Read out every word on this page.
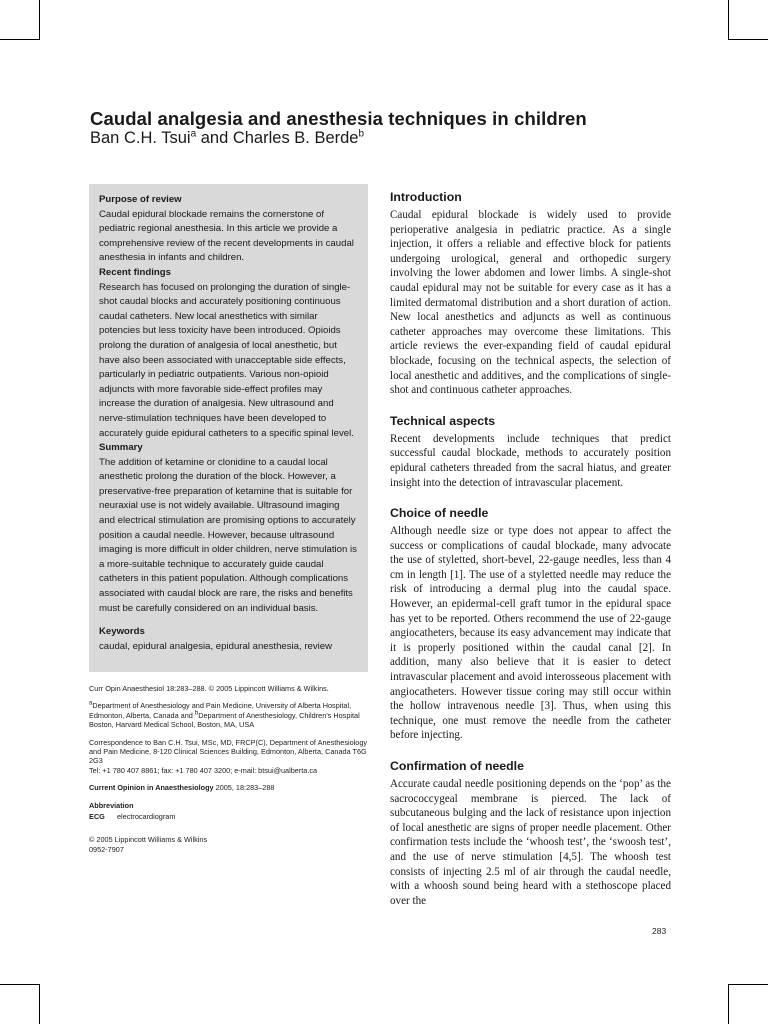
Caudal analgesia and anesthesia techniques in children
Ban C.H. Tsui$^a$ and Charles B. Berde$^b$

Purpose of review

Caudal epidural blockade remains the cornerstone of pediatric regional anesthesia. In this article we provide a comprehensive review of the recent developments in caudal anesthesia in infants and children.

Recent findings

Research has focused on prolonging the duration of single-shot caudal blocks and accurately positioning continuous caudal catheters. New local anesthetics with similar potencies but less toxicity have been introduced. Opioids prolong the duration of analgesia of local anesthetic, but have also been associated with unacceptable side effects, particularly in pediatric outpatients. Various non-opioid adjuncts with more favorable side-effect profiles may increase the duration of analgesia. New ultrasound and nerve-stimulation techniques have been developed to accurately guide epidural catheters to a specific spinal level.

Summary

The addition of ketamine or clonidine to a caudal local anesthetic prolong the duration of the block. However, a preservative-free preparation of ketamine that is suitable for neuraxial use is not widely available. Ultrasound imaging and electrical stimulation are promising options to accurately position a caudal needle. However, because ultrasound imaging is more difficult in older children, nerve stimulation is a more-suitable technique to accurately guide caudal catheters in this patient population. Although complications associated with caudal block are rare, the risks and benefits must be carefully considered on an individual basis.

Keywords

caudal, epidural analgesia, epidural anesthesia, review

Curr Opin Anaesthesiol 18:283–288. © 2005 Lippincott Williams & Wilkins.

$^a$Department of Anesthesiology and Pain Medicine, University of Alberta Hospital, Edmonton, Alberta, Canada and $^b$Department of Anesthesiology, Children's Hospital Boston, Harvard Medical School, Boston, MA, USA

Correspondence to Ban C.H. Tsui, MSc, MD, FRCP(C), Department of Anesthesiology and Pain Medicine, 8-120 Clinical Sciences Building, Edmonton, Alberta, Canada T6G 2G3
Tel: +1 780 407 8861; fax: +1 780 407 3200; e-mail: btsui@ualberta.ca

Current Opinion in Anaesthesiology 2005, 18:283–288

Abbreviation

ECG electrocardiogram

© 2005 Lippincott Williams & Wilkins
0952-7907

Introduction

Caudal epidural blockade is widely used to provide perioperative analgesia in pediatric practice. As a single injection, it offers a reliable and effective block for patients undergoing urological, general and orthopedic surgery involving the lower abdomen and lower limbs. A single-shot caudal epidural may not be suitable for every case as it has a limited dermatomal distribution and a short duration of action. New local anesthetics and adjuncts as well as continuous catheter approaches may overcome these limitations. This article reviews the ever-expanding field of caudal epidural blockade, focusing on the technical aspects, the selection of local anesthetic and additives, and the complications of single-shot and continuous catheter approaches.

Technical aspects

Recent developments include techniques that predict successful caudal blockade, methods to accurately position epidural catheters threaded from the sacral hiatus, and greater insight into the detection of intravascular placement.

Choice of needle

Although needle size or type does not appear to affect the success or complications of caudal blockade, many advocate the use of styletted, short-bevel, 22-gauge needles, less than 4 cm in length [1]. The use of a styletted needle may reduce the risk of introducing a dermal plug into the caudal space. However, an epidermal-cell graft tumor in the epidural space has yet to be reported. Others recommend the use of 22-gauge angiocatheters, because its easy advancement may indicate that it is properly positioned within the caudal canal [2]. In addition, many also believe that it is easier to detect intravascular placement and avoid interosseous placement with angiocatheters. However tissue coring may still occur within the hollow intravenous needle [3]. Thus, when using this technique, one must remove the needle from the catheter before injecting.

Confirmation of needle

Accurate caudal needle positioning depends on the ‘pop’ as the sacrococcygeal membrane is pierced. The lack of subcutaneous bulging and the lack of resistance upon injection of local anesthetic are signs of proper needle placement. Other confirmation tests include the ‘whoosh test’, the ‘swoosh test’, and the use of nerve stimulation [4,5]. The whoosh test consists of injecting 2.5 ml of air through the caudal needle, with a whoosh sound being heard with a stethoscope placed over the

283
